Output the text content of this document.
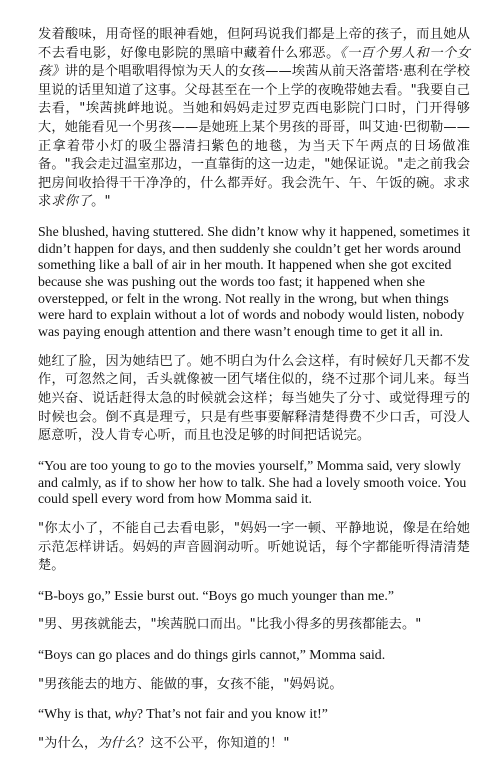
发着酸味，用奇怪的眼神看她，但阿玛说我们都是上帝的孩子，而且她从不去看电影，好像电影院的黑暗中藏着什么邪恶。《一百个男人和一个女孩》讲的是个唱歌唱得惊为天人的女孩——埃茜从前天洛蕾塔·惠利在学校里说的话里知道了这事。父母甚至在一个上学的夜晚带她去看。"我要自己去看，"埃茜挑衅地说。当她和妈妈走过罗克西电影院门口时，门开得够大，她能看见一个男孩——是她班上某个男孩的哥哥，叫艾迪·巴彻勒——正拿着带小灯的吸尘器清扫紫色的地毯，为当天下午两点的日场做准备。"我会走过温室那边，一直靠街的这一边走，"她保证说。"走之前我会把房间收拾得干干净净的，什么都弄好。我会洗午、午、午饭的碗。求求求求你了。"

She blushed, having stuttered. She didn’t know why it happened, sometimes it didn’t happen for days, and then suddenly she couldn’t get her words around something like a ball of air in her mouth. It happened when she got excited because she was pushing out the words too fast; it happened when she overstepped, or felt in the wrong. Not really in the wrong, but when things were hard to explain without a lot of words and nobody would listen, nobody was paying enough attention and there wasn’t enough time to get it all in.

她红了脸，因为她结巴了。她不明白为什么会这样，有时候好几天都不发作，可忽然之间，舌头就像被一团气堵住似的，绕不过那个词儿来。每当她兴奋、说话赶得太急的时候就会这样；每当她失了分寸、或觉得理亏的时候也会。倒不真是理亏，只是有些事要解释清楚得费不少口舌，可没人愿意听，没人肯专心听，而且也没足够的时间把话说完。

“You are too young to go to the movies yourself,” Momma said, very slowly and calmly, as if to show her how to talk. She had a lovely smooth voice. You could spell every word from how Momma said it.

"你太小了，不能自己去看电影，"妈妈一字一顿、平静地说，像是在给她示范怎样讲话。妈妈的声音圆润动听。听她说话，每个字都能听得清清楚楚。

“B-boys go,” Essie burst out. “Boys go much younger than me.”

"男、男孩就能去，"埃茜脱口而出。"比我小得多的男孩都能去。"

“Boys can go places and do things girls cannot,” Momma said.

"男孩能去的地方、能做的事，女孩不能，"妈妈说。

“Why is that, why? That’s not fair and you know it!”

"为什么，为什么？这不公平，你知道的！"
